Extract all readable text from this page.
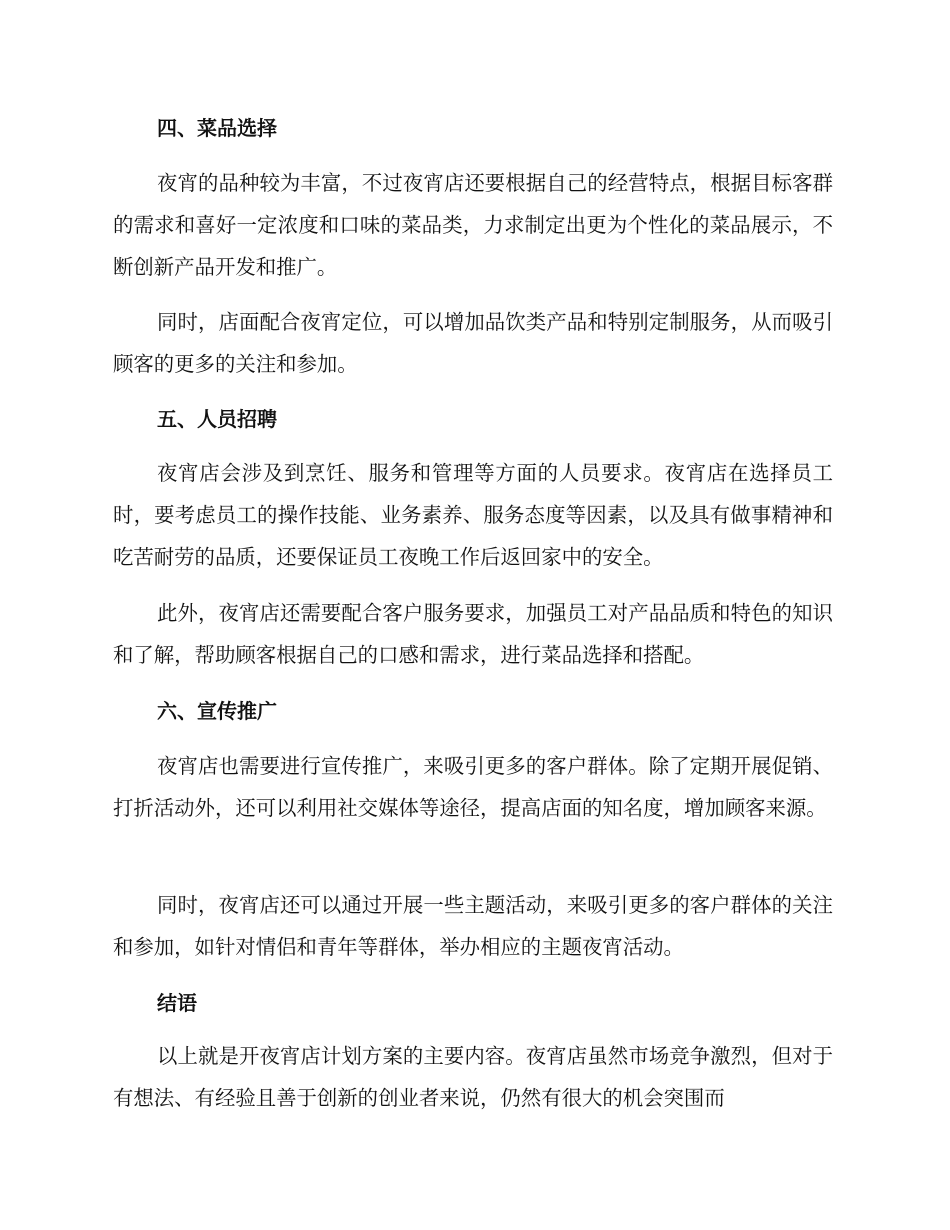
四、菜品选择

夜宵的品种较为丰富，不过夜宵店还要根据自己的经营特点，根据目标客群的需求和喜好一定浓度和口味的菜品类，力求制定出更为个性化的菜品展示，不断创新产品开发和推广。

同时，店面配合夜宵定位，可以增加品饮类产品和特别定制服务，从而吸引顾客的更多的关注和参加。

五、人员招聘

夜宵店会涉及到烹饪、服务和管理等方面的人员要求。夜宵店在选择员工时，要考虑员工的操作技能、业务素养、服务态度等因素，以及具有做事精神和吃苦耐劳的品质，还要保证员工夜晚工作后返回家中的安全。

此外，夜宵店还需要配合客户服务要求，加强员工对产品品质和特色的知识和了解，帮助顾客根据自己的口感和需求，进行菜品选择和搭配。

六、宣传推广

夜宵店也需要进行宣传推广，来吸引更多的客户群体。除了定期开展促销、打折活动外，还可以利用社交媒体等途径，提高店面的知名度，增加顾客来源。

同时，夜宵店还可以通过开展一些主题活动，来吸引更多的客户群体的关注和参加，如针对情侣和青年等群体，举办相应的主题夜宵活动。

结语

以上就是开夜宵店计划方案的主要内容。夜宵店虽然市场竞争激烈，但对于有想法、有经验且善于创新的创业者来说，仍然有很大的机会突围而
